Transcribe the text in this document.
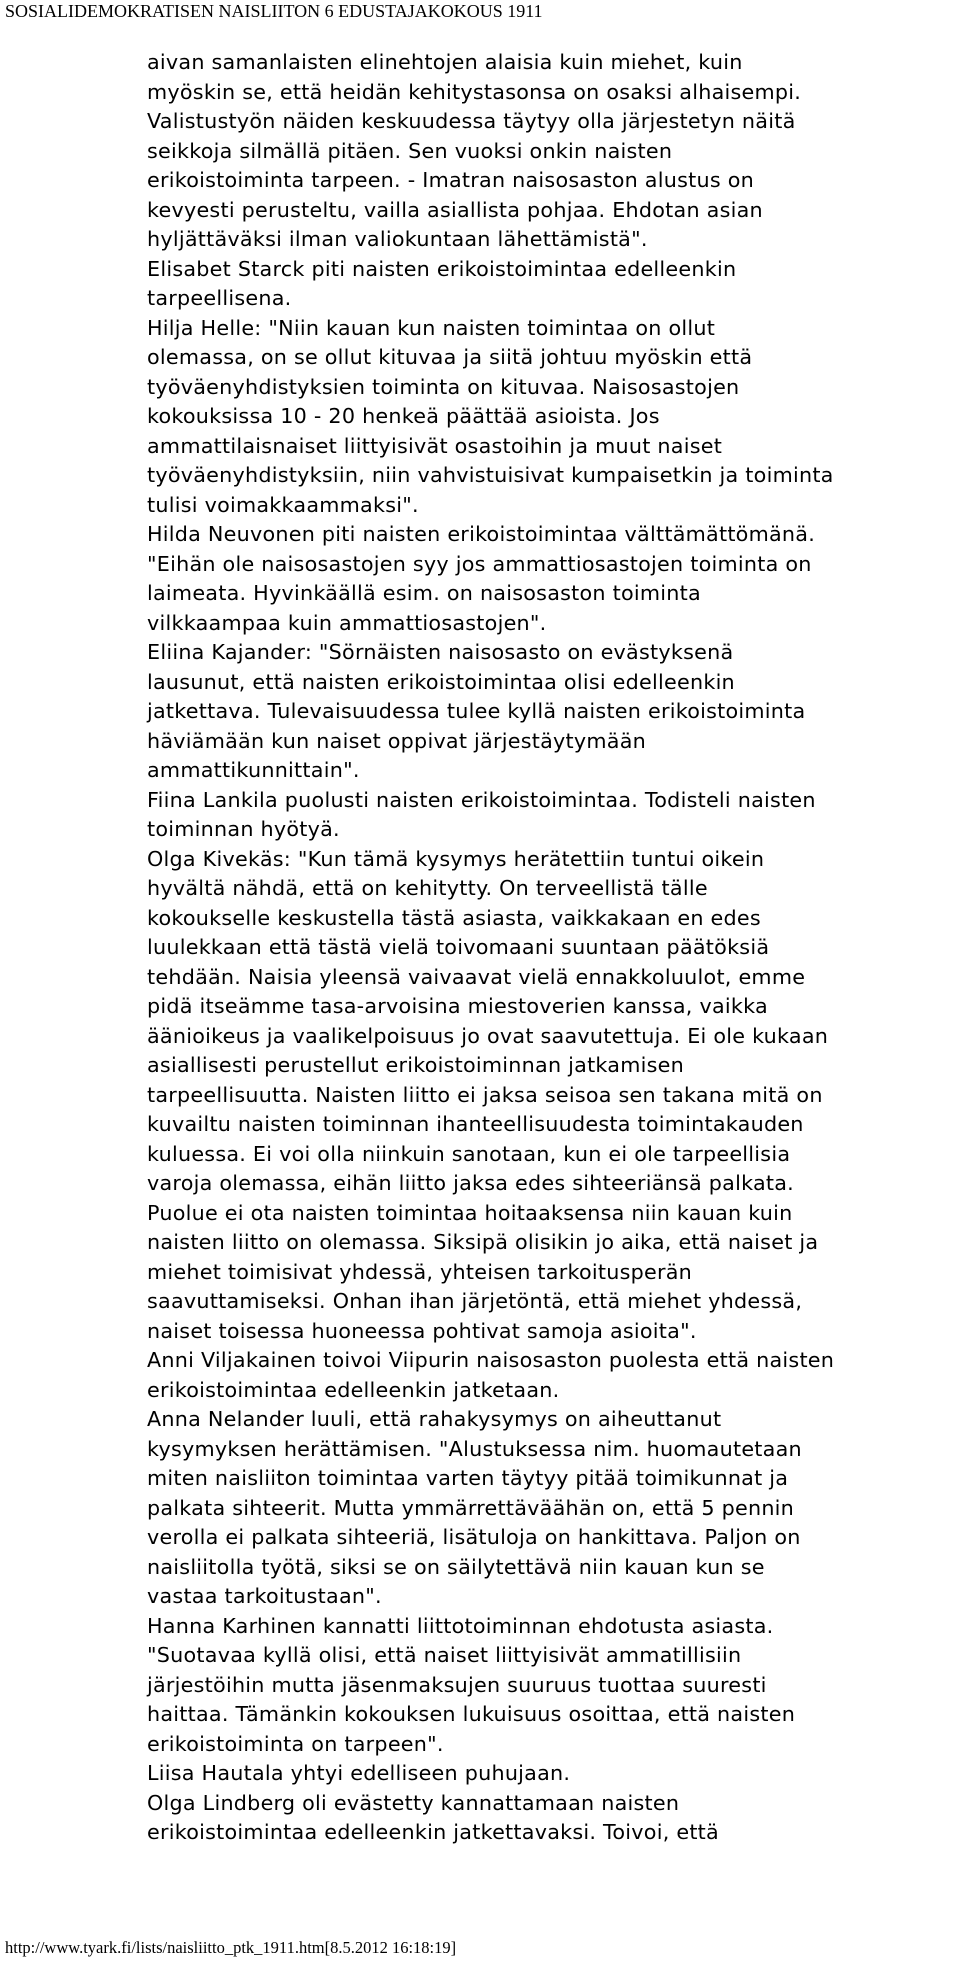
SOSIALIDEMOKRATISEN NAISLIITON 6 EDUSTAJAKOKOUS 1911
aivan samanlaisten elinehtojen alaisia kuin miehet, kuin
myöskin se, että heidän kehitystasonsa on osaksi alhaisempi.
Valistustyön näiden keskuudessa täytyy olla järjestetyn näitä
seikkoja silmällä pitäen. Sen vuoksi onkin naisten
erikoistoiminta tarpeen. - Imatran naisosaston alustus on
kevyesti perusteltu, vailla asiallista pohjaa. Ehdotan asian
hyljättäväksi ilman valiokuntaan lähettämistä".
Elisabet Starck piti naisten erikoistoimintaa edelleenkin
tarpeellisena.
Hilja Helle: "Niin kauan kun naisten toimintaa on ollut
olemassa, on se ollut kituvaa ja siitä johtuu myöskin että
työväenyhdistyksien toiminta on kituvaa. Naisosastojen
kokouksissa 10 - 20 henkeä päättää asioista. Jos
ammattilaisnaiset liittyisivät osastoihin ja muut naiset
työväenyhdistyksiin, niin vahvistuisivat kumpaisetkin ja toiminta
tulisi voimakkaammaksi".
Hilda Neuvonen piti naisten erikoistoimintaa välttämättömänä.
"Eihän ole naisosastojen syy jos ammattiosastojen toiminta on
laimeata. Hyvinkäällä esim. on naisosaston toiminta
vilkkaampaa kuin ammattiosastojen".
Eliina Kajander: "Sörnäisten naisosasto on evästyksenä
lausunut, että naisten erikoistoimintaa olisi edelleenkin
jatkettava. Tulevaisuudessa tulee kyllä naisten erikoistoiminta
häviämään kun naiset oppivat järjestäytymään
ammattikunnittain".
Fiina Lankila puolusti naisten erikoistoimintaa. Todisteli naisten
toiminnan hyötyä.
Olga Kivekäs: "Kun tämä kysymys herätettiin tuntui oikein
hyvältä nähdä, että on kehitytty. On terveellistä tälle
kokoukselle keskustella tästä asiasta, vaikkakaan en edes
luulekkaan että tästä vielä toivomaani suuntaan päätöksiä
tehdään. Naisia yleensä vaivaavat vielä ennakkoluulot, emme
pidä itseämme tasa-arvoisina miestoverien kanssa, vaikka
äänioikeus ja vaalikelpoisuus jo ovat saavutettuja. Ei ole kukaan
asiallisesti perustellut erikoistoiminnan jatkamisen
tarpeellisuutta. Naisten liitto ei jaksa seisoa sen takana mitä on
kuvailtu naisten toiminnan ihanteellisuudesta toimintakauden
kuluessa. Ei voi olla niinkuin sanotaan, kun ei ole tarpeellisia
varoja olemassa, eihän liitto jaksa edes sihteeriänsä palkata.
Puolue ei ota naisten toimintaa hoitaaksensa niin kauan kuin
naisten liitto on olemassa. Siksipä olisikin jo aika, että naiset ja
miehet toimisivat yhdessä, yhteisen tarkoitusperän
saavuttamiseksi. Onhan ihan järjetöntä, että miehet yhdessä,
naiset toisessa huoneessa pohtivat samoja asioita".
Anni Viljakainen toivoi Viipurin naisosaston puolesta että naisten
erikoistoimintaa edelleenkin jatketaan.
Anna Nelander luuli, että rahakysymys on aiheuttanut
kysymyksen herättämisen. "Alustuksessa nim. huomautetaan
miten naisliiton toimintaa varten täytyy pitää toimikunnat ja
palkata sihteerit. Mutta ymmärrettäväähän on, että 5 pennin
verolla ei palkata sihteeriä, lisätuloja on hankittava. Paljon on
naisliitolla työtä, siksi se on säilytettävä niin kauan kun se
vastaa tarkoitustaan".
Hanna Karhinen kannatti liittotoiminnan ehdotusta asiasta.
"Suotavaa kyllä olisi, että naiset liittyisivät ammatillisiin
järjestöihin mutta jäsenmaksujen suuruus tuottaa suuresti
haittaa. Tämänkin kokouksen lukuisuus osoittaa, että naisten
erikoistoiminta on tarpeen".
Liisa Hautala yhtyi edelliseen puhujaan.
Olga Lindberg oli evästetty kannattamaan naisten
erikoistoimintaa edelleenkin jatkettavaksi. Toivoi, että
http://www.tyark.fi/lists/naisliitto_ptk_1911.htm[8.5.2012 16:18:19]
